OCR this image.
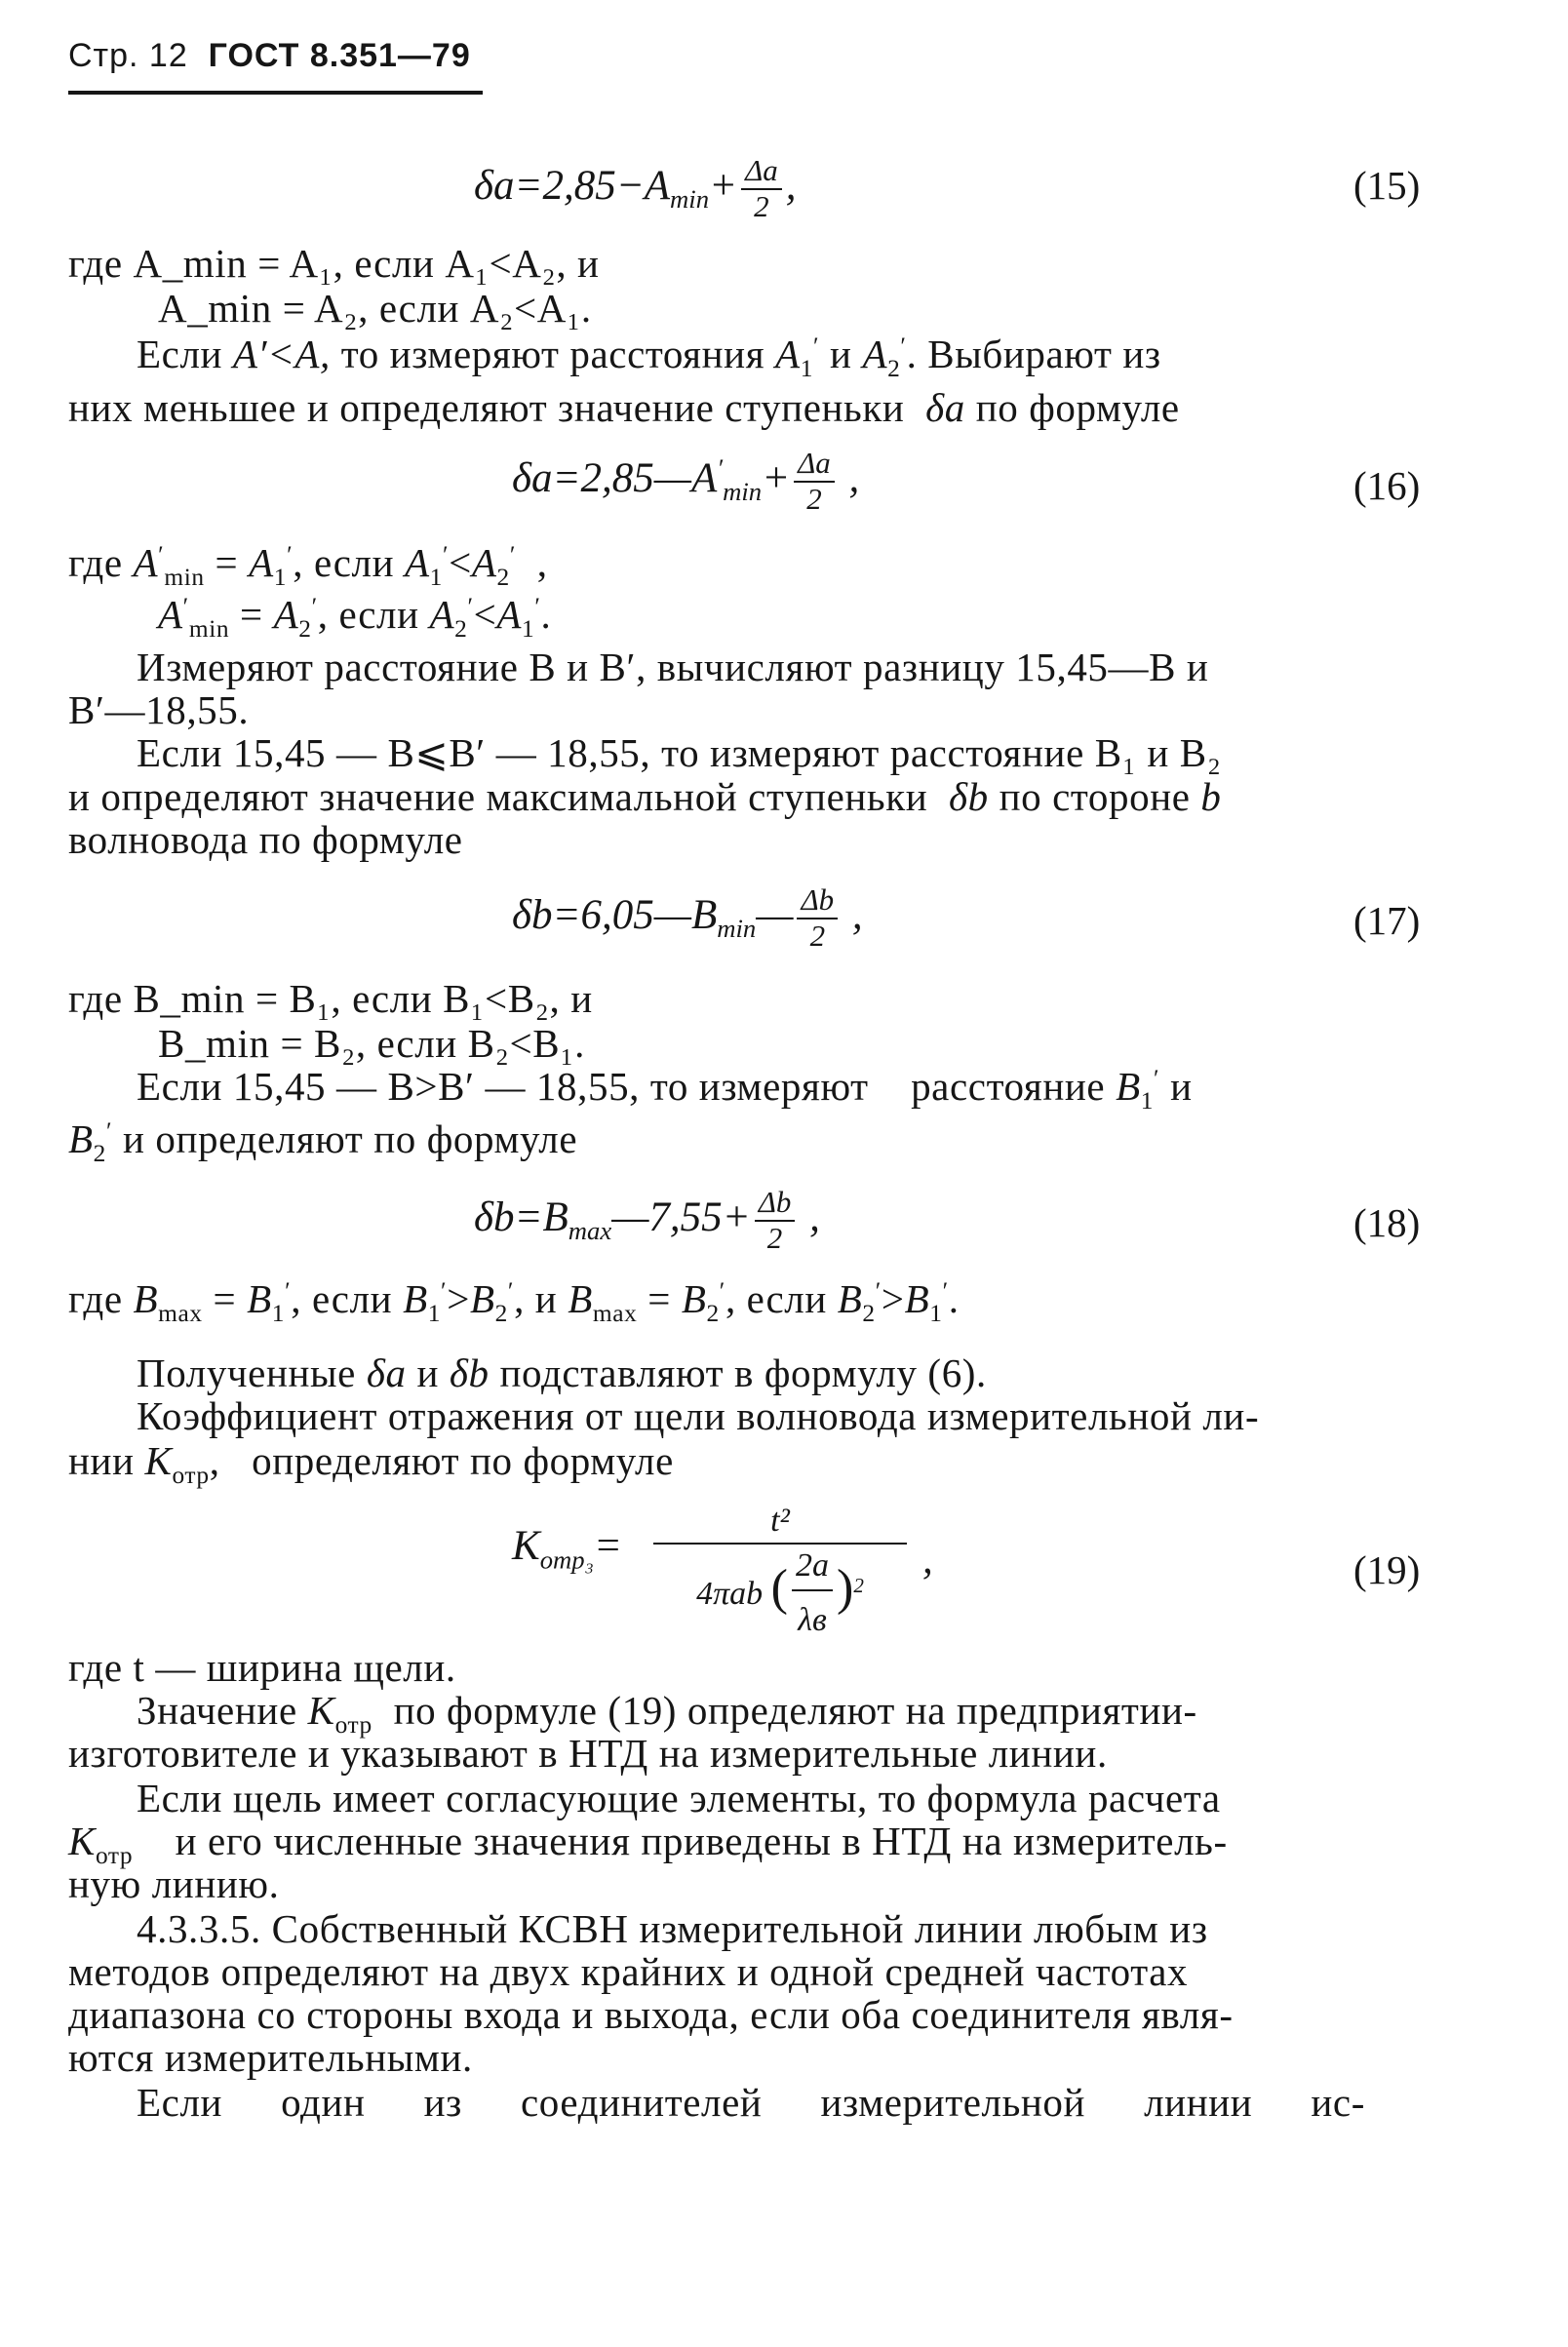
Стр. 12 ГОСТ 8.351—79
$\delta a=2,85-A_{min}+ \frac{\Delta a}{2}$ ,	(15)
где A_min = A₁, если A₁<A₂, и
A_min = A₂, если A₂<A₁.
Если A′<A, то измеряют расстояния $A_1'$ и $A_2'$. Выбирают из
них меньшее и определяют значение ступеньки δa по формуле
$\delta a=2,85—A'_{min}+ \frac{\Delta a}{2}$ ,	(16)
где $A'_{min} = A_1'$, если $A_1'<A_2'$  ,
$A'_{min} = A_2'$, если $A_2'<A_1'$.
Измеряют расстояние B и B′, вычисляют разницу 15,45—B и
B′—18,55.
Если 15,45 — B⩽B′ — 18,55, то измеряют расстояние B₁ и B₂
и определяют значение максимальной ступеньки δb по стороне b
волновода по формуле
$\delta b=6,05—B_{min}— \frac{\Delta b}{2}$ ,	(17)
где B_min = B₁, если B₁<B₂, и
B_min = B₂, если B₂<B₁.
Если 15,45 — B>B′ — 18,55, то измеряют расстояние $B_1'$ и
$B_2'$ и определяют по формуле
$\delta b=B_{max}—7,55+ \frac{\Delta b}{2}$ ,	(18)
где $B_{max} = B_1'$, если $B_1'>B_2'$, и $B_{max} = B_2'$, если $B_2'>B_1'$.
Полученные δa и δb подставляют в формулу (6).
Коэффициент отражения от щели волновода измерительной ли-
нии $K_{отр}$,   определяют по формуле
$K_{отр_3}=$
t²
4πab ( $\frac{2a}{\lambda в} )^2$
,	(19)
где t — ширина щели.
Значение $K_{отр}$ по формуле (19) определяют на предприятии-
изготовителе и указывают в НТД на измерительные линии.
Если щель имеет согласующие элементы, то формула расчета
$K_{отр}$ и его численные значения приведены в НТД на измеритель-
ную линию.
4.3.3.5. Собственный КСВН измерительной линии любым из
методов определяют на двух крайних и одной средней частотах
диапазона со стороны входа и выхода, если оба соединителя явля-
ются измерительными.
Если один из соединителей измерительной линии ис-
